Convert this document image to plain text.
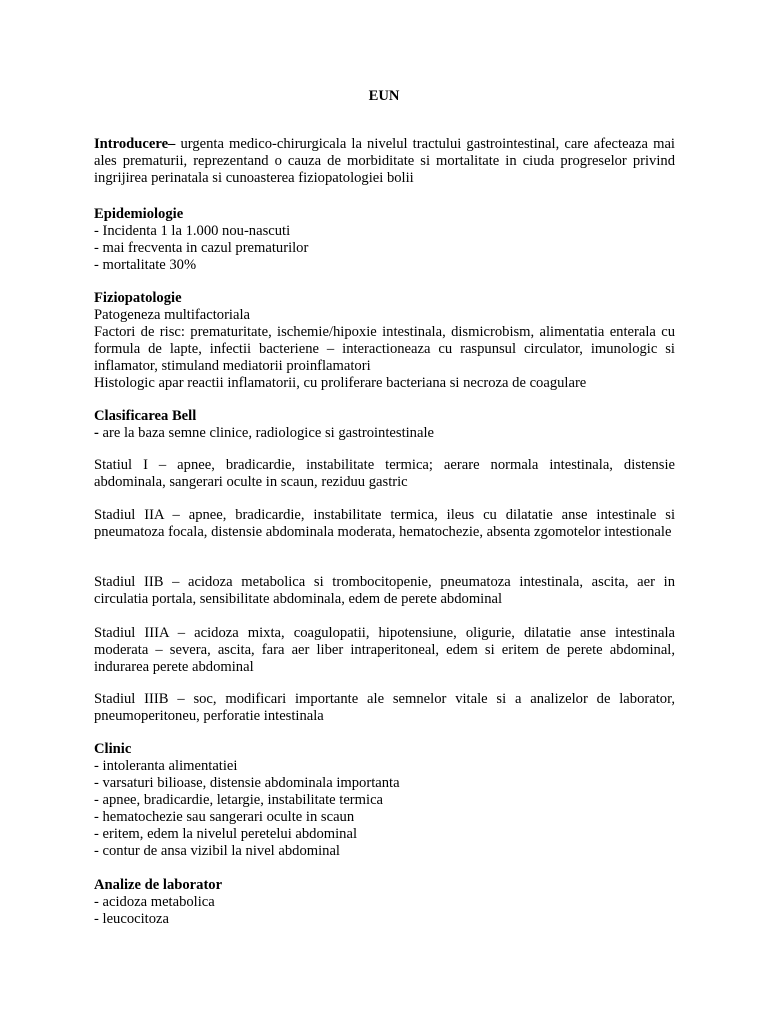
EUN

Introducere– urgenta medico-chirurgicala la nivelul tractului gastrointestinal, care afecteaza mai ales prematurii, reprezentand o cauza de morbiditate si mortalitate in ciuda progreselor privind ingrijirea perinatala si cunoasterea fiziopatologiei bolii

Epidemiologie

- Incidenta 1 la 1.000 nou-nascuti
- mai frecventa in cazul prematurilor
- mortalitate 30%

Fiziopatologie

Patogeneza multifactoriala

Factori de risc: prematuritate, ischemie/hipoxie intestinala, dismicrobism, alimentatia enterala cu formula de lapte, infectii bacteriene – interactioneaza cu raspunsul circulator, imunologic si inflamator, stimuland mediatorii proinflamatori

Histologic apar reactii inflamatorii, cu proliferare bacteriana si necroza de coagulare

Clasificarea Bell

- are la baza semne clinice, radiologice si gastrointestinale

Statiul I – apnee, bradicardie, instabilitate termica; aerare normala intestinala, distensie abdominala, sangerari oculte in scaun, reziduu gastric

Stadiul IIA – apnee, bradicardie, instabilitate termica, ileus cu dilatatie anse intestinale si pneumatoza focala, distensie abdominala moderata, hematochezie, absenta zgomotelor intestionale

Stadiul IIB – acidoza metabolica si trombocitopenie, pneumatoza intestinala, ascita, aer in circulatia portala, sensibilitate abdominala, edem de perete abdominal

Stadiul IIIA – acidoza mixta, coagulopatii, hipotensiune, oligurie, dilatatie anse intestinala moderata – severa, ascita, fara aer liber intraperitoneal, edem si eritem de perete abdominal, indurarea perete abdominal

Stadiul IIIB – soc, modificari importante ale semnelor vitale si a analizelor de laborator, pneumoperitoneu, perforatie intestinala

Clinic

- intoleranta alimentatiei
- varsaturi bilioase, distensie abdominala importanta
- apnee, bradicardie, letargie, instabilitate termica
- hematochezie sau sangerari oculte in scaun
- eritem, edem la nivelul peretelui abdominal
- contur de ansa vizibil la nivel abdominal

Analize de laborator

- acidoza metabolica
- leucocitoza
